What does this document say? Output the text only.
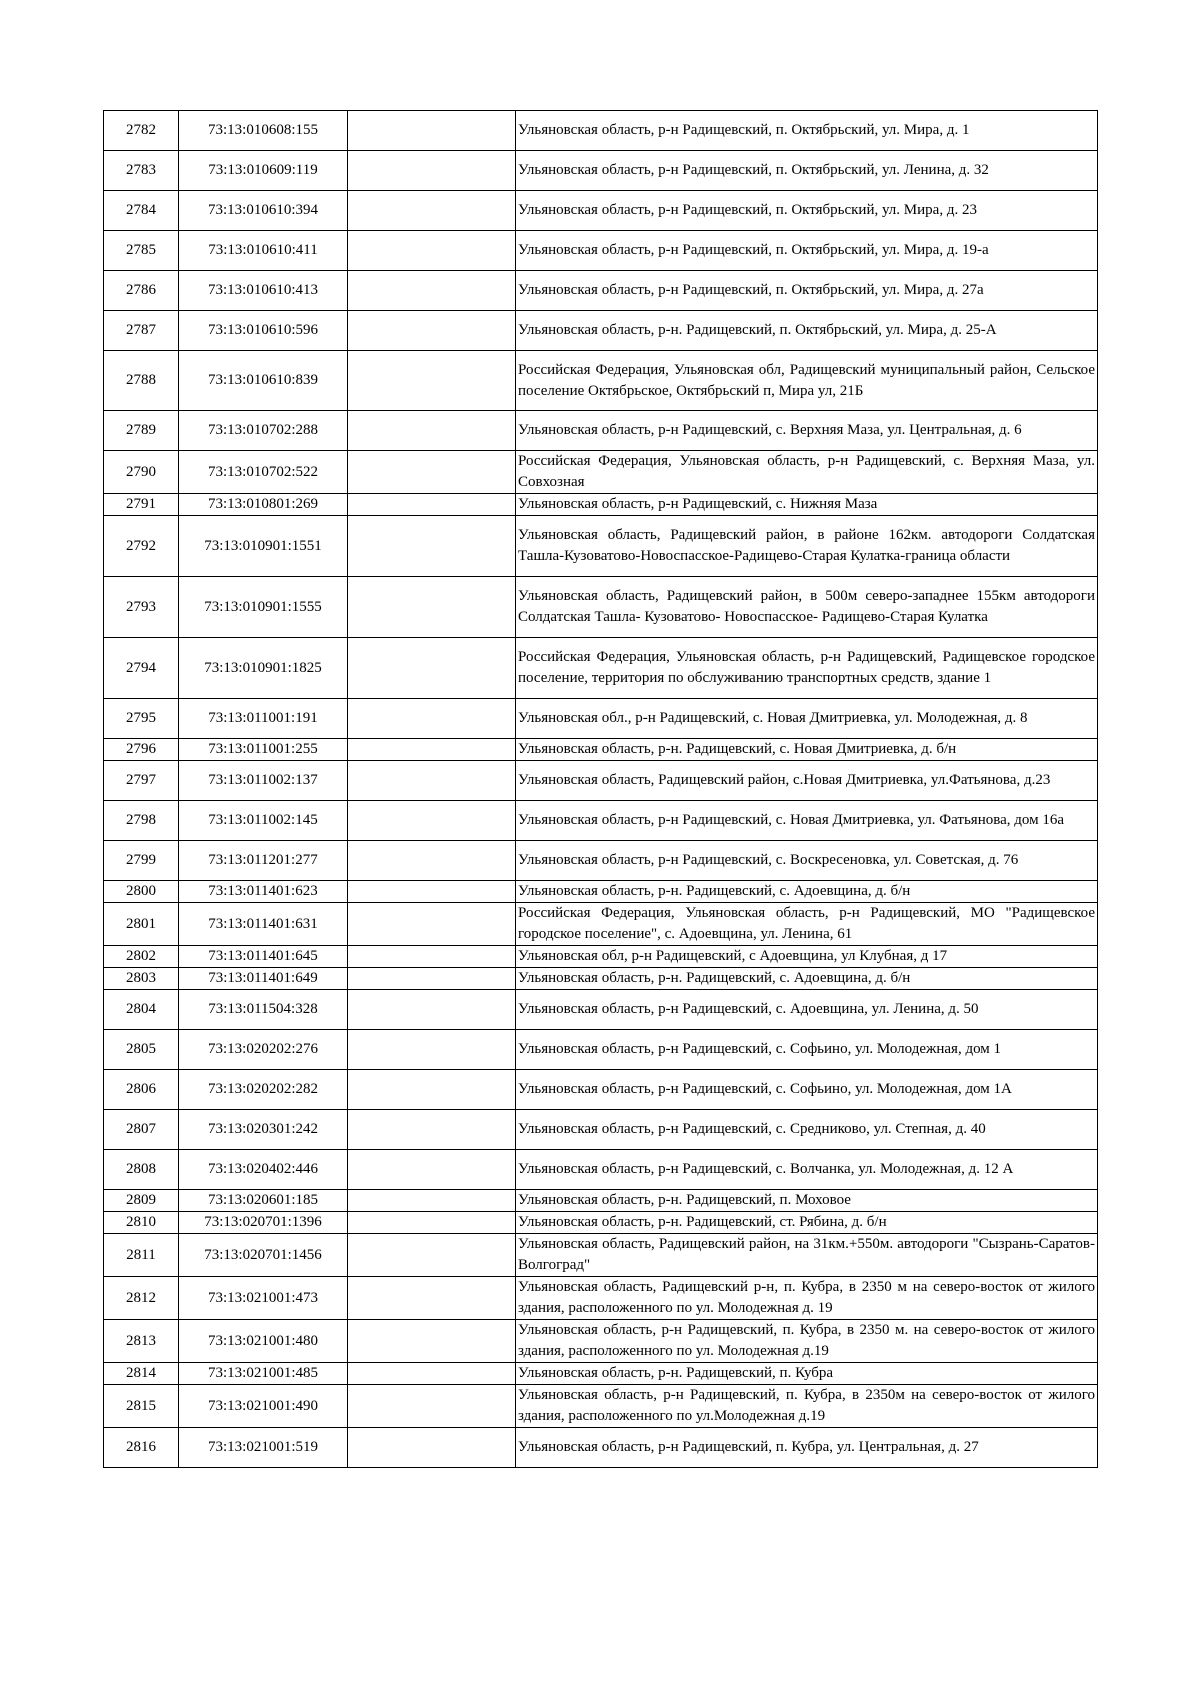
2782	73:13:010608:155		Ульяновская область, р-н Радищевский, п. Октябрьский, ул. Мира, д. 1
2783	73:13:010609:119		Ульяновская область, р-н Радищевский, п. Октябрьский, ул. Ленина, д. 32
2784	73:13:010610:394		Ульяновская область, р-н Радищевский, п. Октябрьский, ул. Мира, д. 23
2785	73:13:010610:411		Ульяновская область, р-н Радищевский, п. Октябрьский, ул. Мира, д. 19-а
2786	73:13:010610:413		Ульяновская область, р-н Радищевский, п. Октябрьский, ул. Мира, д. 27а
2787	73:13:010610:596		Ульяновская область, р-н. Радищевский, п. Октябрьский, ул. Мира, д. 25-А
2788	73:13:010610:839		Российская Федерация, Ульяновская обл, Радищевский муниципальный район, Сельское поселение Октябрьское, Октябрьский п, Мира ул, 21Б
2789	73:13:010702:288		Ульяновская область, р-н Радищевский, с. Верхняя Маза, ул. Центральная, д. 6
2790	73:13:010702:522		Российская Федерация, Ульяновская область, р-н Радищевский, с. Верхняя Маза, ул. Совхозная
2791	73:13:010801:269		Ульяновская область, р-н Радищевский, с. Нижняя Маза
2792	73:13:010901:1551		Ульяновская область, Радищевский район, в районе 162км. автодороги Солдатская Ташла-Кузоватово-Новоспасское-Радищево-Старая Кулатка-граница области
2793	73:13:010901:1555		Ульяновская область, Радищевский район, в 500м северо-западнее 155км автодороги Солдатская Ташла- Кузоватово- Новоспасское- Радищево-Старая Кулатка
2794	73:13:010901:1825		Российская Федерация, Ульяновская область, р-н Радищевский, Радищевское городское поселение, территория по обслуживанию транспортных средств, здание 1
2795	73:13:011001:191		Ульяновская обл., р-н Радищевский, с. Новая Дмитриевка, ул. Молодежная, д. 8
2796	73:13:011001:255		Ульяновская область, р-н. Радищевский, с. Новая Дмитриевка, д. б/н
2797	73:13:011002:137		Ульяновская область, Радищевский район, с.Новая Дмитриевка, ул.Фатьянова, д.23
2798	73:13:011002:145		Ульяновская область, р-н Радищевский, с. Новая Дмитриевка, ул. Фатьянова, дом 16а
2799	73:13:011201:277		Ульяновская область, р-н Радищевский, с. Воскресеновка, ул. Советская, д. 76
2800	73:13:011401:623		Ульяновская область, р-н. Радищевский, с. Адоевщина, д. б/н
2801	73:13:011401:631		Российская Федерация, Ульяновская область, р-н Радищевский, МО "Радищевское городское поселение", с. Адоевщина, ул. Ленина, 61
2802	73:13:011401:645		Ульяновская обл, р-н Радищевский, с Адоевщина, ул Клубная, д 17
2803	73:13:011401:649		Ульяновская область, р-н. Радищевский, с. Адоевщина, д. б/н
2804	73:13:011504:328		Ульяновская область, р-н Радищевский, с. Адоевщина, ул. Ленина, д. 50
2805	73:13:020202:276		Ульяновская область, р-н Радищевский, с. Софьино, ул. Молодежная, дом 1
2806	73:13:020202:282		Ульяновская область, р-н Радищевский, с. Софьино, ул. Молодежная, дом 1А
2807	73:13:020301:242		Ульяновская область, р-н Радищевский, с. Средниково, ул. Степная, д. 40
2808	73:13:020402:446		Ульяновская область, р-н Радищевский, с. Волчанка, ул. Молодежная, д. 12 А
2809	73:13:020601:185		Ульяновская область, р-н. Радищевский, п. Моховое
2810	73:13:020701:1396		Ульяновская область, р-н. Радищевский, ст. Рябина, д. б/н
2811	73:13:020701:1456		Ульяновская область, Радищевский район, на 31км.+550м. автодороги "Сызрань-Саратов-Волгоград"
2812	73:13:021001:473		Ульяновская область, Радищевский р-н, п. Кубра, в 2350 м на северо-восток от жилого здания, расположенного по ул. Молодежная д. 19
2813	73:13:021001:480		Ульяновская область, р-н Радищевский, п. Кубра, в 2350 м. на северо-восток от жилого здания, расположенного по ул. Молодежная д.19
2814	73:13:021001:485		Ульяновская область, р-н. Радищевский, п. Кубра
2815	73:13:021001:490		Ульяновская область, р-н Радищевский, п. Кубра, в 2350м на северо-восток от жилого здания, расположенного по ул.Молодежная д.19
2816	73:13:021001:519		Ульяновская область, р-н Радищевский, п. Кубра, ул. Центральная, д. 27
